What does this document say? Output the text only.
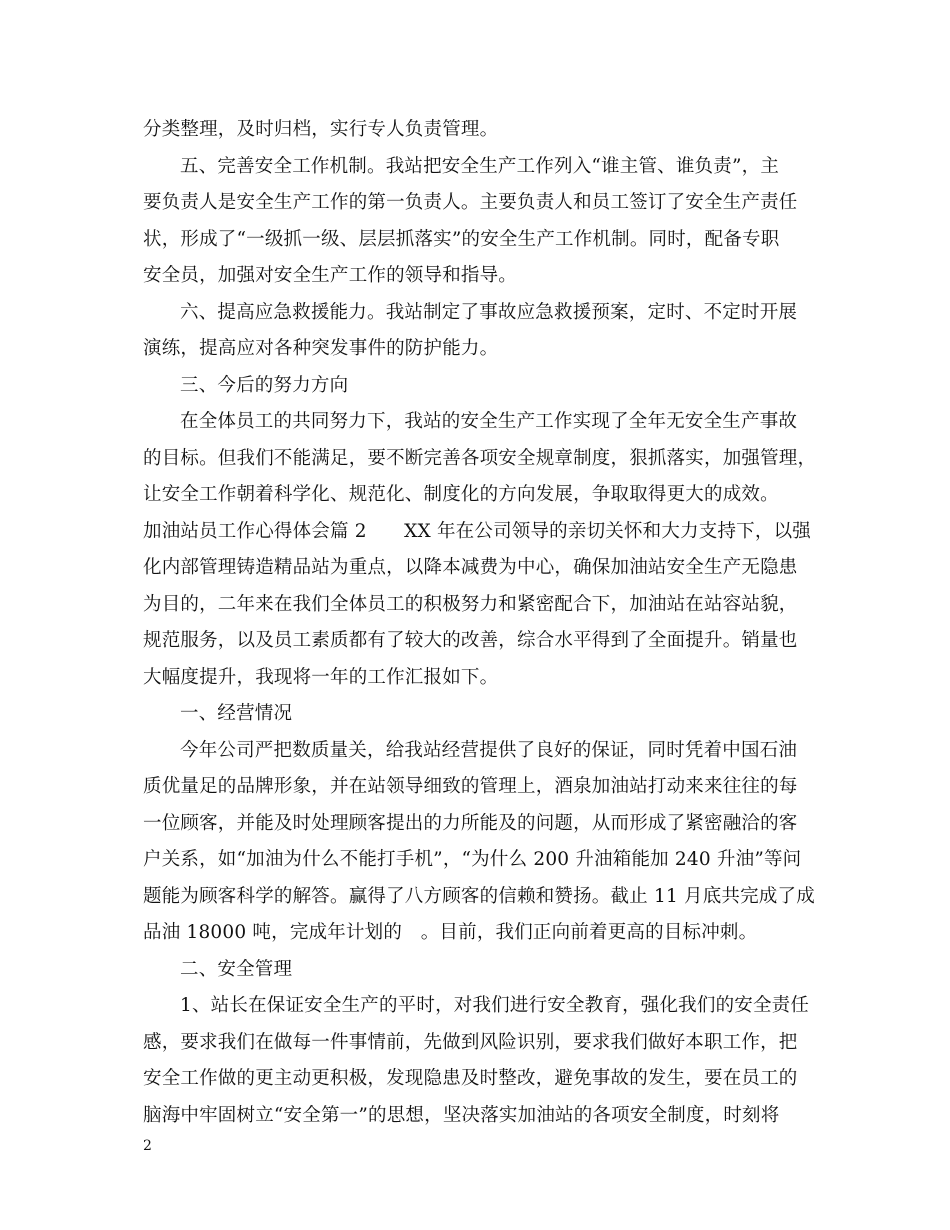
分类整理，及时归档，实行专人负责管理。
五、完善安全工作机制。我站把安全生产工作列入“谁主管、谁负责”，主
要负责人是安全生产工作的第一负责人。主要负责人和员工签订了安全生产责任
状，形成了“一级抓一级、层层抓落实”的安全生产工作机制。同时，配备专职
安全员，加强对安全生产工作的领导和指导。
六、提高应急救援能力。我站制定了事故应急救援预案，定时、不定时开展
演练，提高应对各种突发事件的防护能力。
三、今后的努力方向
在全体员工的共同努力下，我站的安全生产工作实现了全年无安全生产事故
的目标。但我们不能满足，要不断完善各项安全规章制度，狠抓落实，加强管理，
让安全工作朝着科学化、规范化、制度化的方向发展，争取取得更大的成效。
加油站员工作心得体会篇 2　　XX 年在公司领导的亲切关怀和大力支持下，以强
化内部管理铸造精品站为重点，以降本减费为中心，确保加油站安全生产无隐患
为目的，二年来在我们全体员工的积极努力和紧密配合下，加油站在站容站貌，
规范服务，以及员工素质都有了较大的改善，综合水平得到了全面提升。销量也
大幅度提升，我现将一年的工作汇报如下。
一、经营情况
今年公司严把数质量关，给我站经营提供了良好的保证，同时凭着中国石油
质优量足的品牌形象，并在站领导细致的管理上，酒泉加油站打动来来往往的每
一位顾客，并能及时处理顾客提出的力所能及的问题，从而形成了紧密融洽的客
户关系，如“加油为什么不能打手机”，“为什么 200 升油箱能加 240 升油”等问
题能为顾客科学的解答。赢得了八方顾客的信赖和赞扬。截止 11 月底共完成了成
品油 18000 吨，完成年计划的　。目前，我们正向前着更高的目标冲刺。
二、安全管理
1、站长在保证安全生产的平时，对我们进行安全教育，强化我们的安全责任
感，要求我们在做每一件事情前，先做到风险识别，要求我们做好本职工作，把
安全工作做的更主动更积极，发现隐患及时整改，避免事故的发生，要在员工的
脑海中牢固树立“安全第一”的思想，坚决落实加油站的各项安全制度，时刻将
2
